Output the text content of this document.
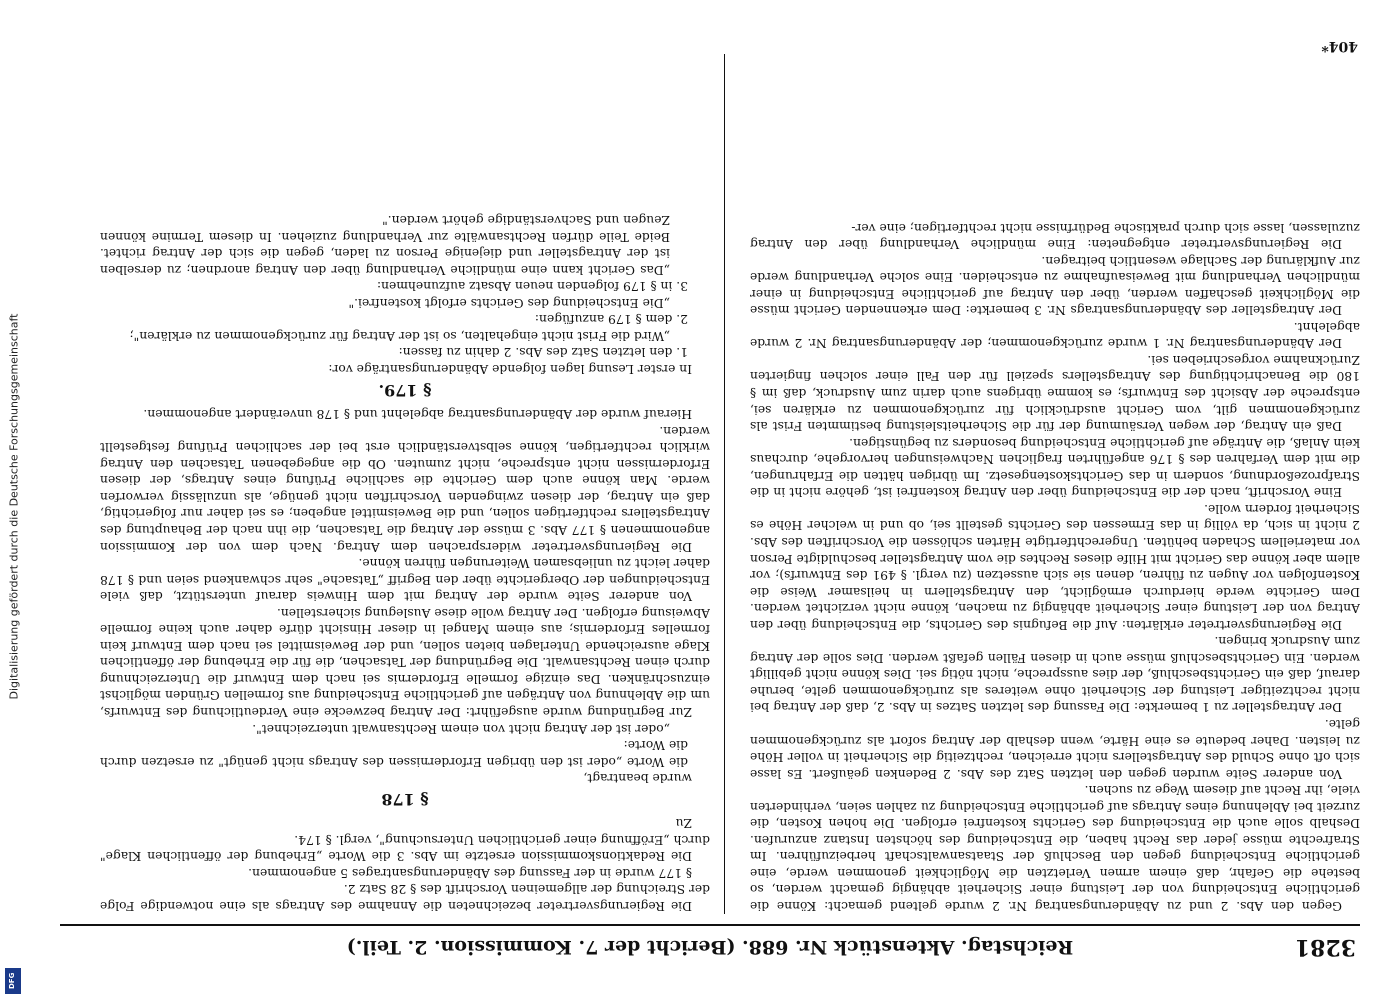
Digitalisierung gefördert durch die Deutsche Forschungsgemeinschaft
DFG
3281
Reichstag. Aktenstück Nr. 688. (Bericht der 7. Kommission. 2. Teil.)

Gegen den Abs. 2 und zu Abänderungsantrag Nr. 2 wurde geltend gemacht: Könne die gerichtliche Entscheidung von der Leistung einer Sicherheit abhängig gemacht werden, so bestehe die Gefahr, daß einem armen Verletzten die Möglichkeit genommen werde, eine gerichtliche Entscheidung gegen den Beschluß der Staatsanwaltschaft herbeizuführen. Im Strafrechte müsse jeder das Recht haben, die Entscheidung des höchsten Instanz anzurufen. Deshalb solle auch die Entscheidung des Gerichts kostenfrei erfolgen. Die hohen Kosten, die zurzeit bei Ablehnung eines Antrags auf gerichtliche Entscheidung zu zahlen seien, verhinderten viele, ihr Recht auf diesem Wege zu suchen.

Von anderer Seite wurden gegen den letzten Satz des Abs. 2 Bedenken geäußert. Es lasse sich oft ohne Schuld des Antragstellers nicht erreichen, rechtzeitig die Sicherheit in voller Höhe zu leisten. Daher bedeute es eine Härte, wenn deshalb der Antrag sofort als zurückgenommen gelte.

Der Antragsteller zu 1 bemerkte: Die Fassung des letzten Satzes in Abs. 2, daß der Antrag bei nicht rechtzeitiger Leistung der Sicherheit ohne weiteres als zurückgenommen gelte, beruhe darauf, daß ein Gerichtsbeschluß, der dies ausspreche, nicht nötig sei. Dies könne nicht gebilligt werden. Ein Gerichtsbeschluß müsse auch in diesen Fällen gefaßt werden. Dies solle der Antrag zum Ausdruck bringen.

Die Regierungsvertreter erklärten: Auf die Befugnis des Gerichts, die Entscheidung über den Antrag von der Leistung einer Sicherheit abhängig zu machen, könne nicht verzichtet werden. Dem Gerichte werde hierdurch ermöglicht, den Antragstellern in heilsamer Weise die Kostenfolgen vor Augen zu führen, denen sie sich aussetzen (zu vergl. § 491 des Entwurfs); vor allem aber könne das Gericht mit Hilfe dieses Rechtes die vom Antragsteller beschuldigte Person vor materiellem Schaden behüten. Ungerechtfertigte Härten schlössen die Vorschriften des Abs. 2 nicht in sich, da völlig in das Ermessen des Gerichts gestellt sei, ob und in welcher Höhe es Sicherheit fordern wolle.

Eine Vorschrift, nach der die Entscheidung über den Antrag kostenfrei ist, gehöre nicht in die Strafprozeßordnung, sondern in das Gerichtskostengesetz. Im übrigen hätten die Erfahrungen, die mit dem Verfahren des § 176 angeführten fraglichen Nachweisungen hervorgehe, durchaus kein Anlaß, die Anträge auf gerichtliche Entscheidung besonders zu begünstigen.

Daß ein Antrag, der wegen Versäumung der für die Sicherheitsleistung bestimmten Frist als zurückgenommen gilt, vom Gericht ausdrücklich für zurückgenommen zu erklären sei, entspreche der Absicht des Entwurfs; es komme übrigens auch darin zum Ausdruck, daß im § 180 die Benachrichtigung des Antragstellers speziell für den Fall einer solchen fingierten Zurücknahme vorgeschrieben sei.

Der Abänderungsantrag Nr. 1 wurde zurückgenommen; der Abänderungsantrag Nr. 2 wurde abgelehnt.

Der Antragsteller des Abänderungsantrags Nr. 3 bemerkte: Dem erkennenden Gericht müsse die Möglichkeit geschaffen werden, über den Antrag auf gerichtliche Entscheidung in einer mündlichen Verhandlung mit Beweisaufnahme zu entscheiden. Eine solche Verhandlung werde zur Aufklärung der Sachlage wesentlich beitragen.

Die Regierungsvertreter entgegneten: Eine mündliche Verhandlung über den Antrag zuzulassen, lasse sich durch praktische Bedürfnisse nicht rechtfertigen; eine ver-

Die Regierungsvertreter bezeichneten die Annahme des Antrags als eine notwendige Folge der Streichung der allgemeinen Vorschrift des § 28 Satz 2.

§ 177 wurde in der Fassung des Abänderungsantrages 5 angenommen.

Die Redaktionskommission ersetzte im Abs. 3 die Worte „Erhebung der öffentlichen Klage" durch „Eröffnung einer gerichtlichen Untersuchung", vergl. § 174.

Zu

§ 178

wurde beantragt,

die Worte „oder ist den übrigen Erfordernissen des Antrags nicht genügt" zu ersetzen durch die Worte:

„oder ist der Antrag nicht von einem Rechtsanwalt unterzeichnet".

Zur Begründung wurde ausgeführt: Der Antrag bezwecke eine Verdeutlichung des Entwurfs, um die Ablehnung von Anträgen auf gerichtliche Entscheidung aus formellen Gründen möglichst einzuschränken. Das einzige formelle Erfordernis sei nach dem Entwurf die Unterzeichnung durch einen Rechtsanwalt. Die Begründung der Tatsachen, die für die Erhebung der öffentlichen Klage ausreichende Unterlagen bieten sollen, und der Beweismittel sei nach dem Entwurf kein formelles Erfordernis; aus einem Mangel in dieser Hinsicht dürfe daher auch keine formelle Abweisung erfolgen. Der Antrag wolle diese Auslegung sicherstellen.

Von anderer Seite wurde der Antrag mit dem Hinweis darauf unterstützt, daß viele Entscheidungen der Obergerichte über den Begriff „Tatsache" sehr schwankend seien und § 178 daher leicht zu unliebsamen Weiterungen führen könne.

Die Regierungsvertreter widersprachen dem Antrag. Nach dem von der Kommission angenommenen § 177 Abs. 3 müsse der Antrag die Tatsachen, die ihn nach der Behauptung des Antragstellers rechtfertigen sollen, und die Beweismittel angeben; es sei daher nur folgerichtig, daß ein Antrag, der diesen zwingenden Vorschriften nicht genüge, als unzulässig verworfen werde. Man könne auch dem Gerichte die sachliche Prüfung eines Antrags, der diesen Erfordernissen nicht entspreche, nicht zumuten. Ob die angegebenen Tatsachen den Antrag wirklich rechtfertigen, könne selbstverständlich erst bei der sachlichen Prüfung festgestellt werden.

Hierauf wurde der Abänderungsantrag abgelehnt und § 178 unverändert angenommen.

§ 179.

In erster Lesung lagen folgende Abänderungsanträge vor:

1. den letzten Satz des Abs. 2 dahin zu fassen:

„Wird die Frist nicht eingehalten, so ist der Antrag für zurückgenommen zu erklären";

2. dem § 179 anzufügen:

„Die Entscheidung des Gerichts erfolgt kostenfrei."

3. in § 179 folgenden neuen Absatz aufzunehmen:

„Das Gericht kann eine mündliche Verhandlung über den Antrag anordnen; zu derselben ist der Antragsteller und diejenige Person zu laden, gegen die sich der Antrag richtet. Beide Teile dürfen Rechtsanwälte zur Verhandlung zuziehen. In diesem Termine können Zeugen und Sachverständige gehört werden."

404*
